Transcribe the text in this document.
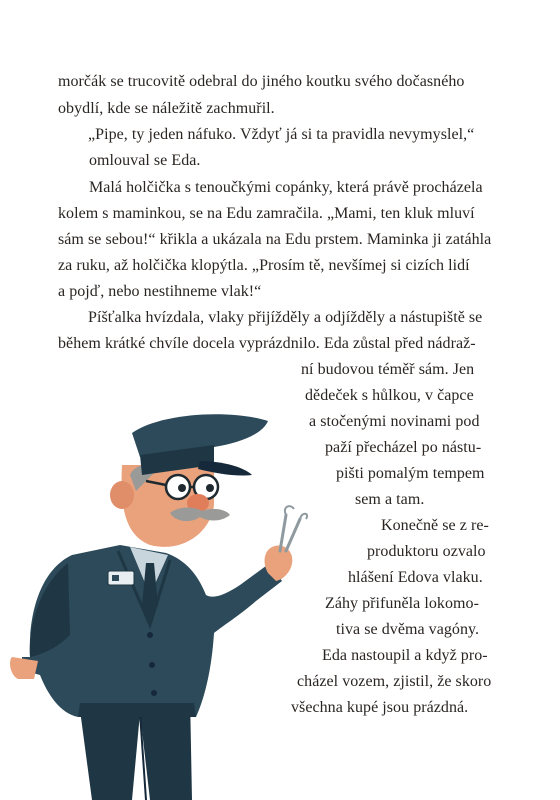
morčák se trucovitě odebral do jiného koutku svého dočasného
obydlí, kde se náležitě zachmuřil.
„Pipe, ty jeden náfuko. Vždyť já si ta pravidla nevymyslel,“
omlouval se Eda.
Malá holčička s tenoučkými copánky, která právě procházela
kolem s maminkou, se na Edu zamračila. „Mami, ten kluk mluví
sám se sebou!“ křikla a ukázala na Edu prstem. Maminka ji zatáhla
za ruku, až holčička klopýtla. „Prosím tě, nevšímej si cizích lidí
a pojď, nebo nestihneme vlak!“
Píšťalka hvízdala, vlaky přijížděly a odjížděly a nástupiště se
během krátké chvíle docela vyprázdnilo. Eda zůstal před nádraž-
ní budovou téměř sám. Jen
dědeček s hůlkou, v čapce
a stočenými novinami pod
paží přecházel po nástu-
pišti pomalým tempem
sem a tam.
Konečně se z re-
produktoru ozvalo
hlášení Edova vlaku.
Záhy přifuněla lokomo-
tiva se dvěma vagóny.
Eda nastoupil a když pro-
cházel vozem, zjistil, že skoro
všechna kupé jsou prázdná.
